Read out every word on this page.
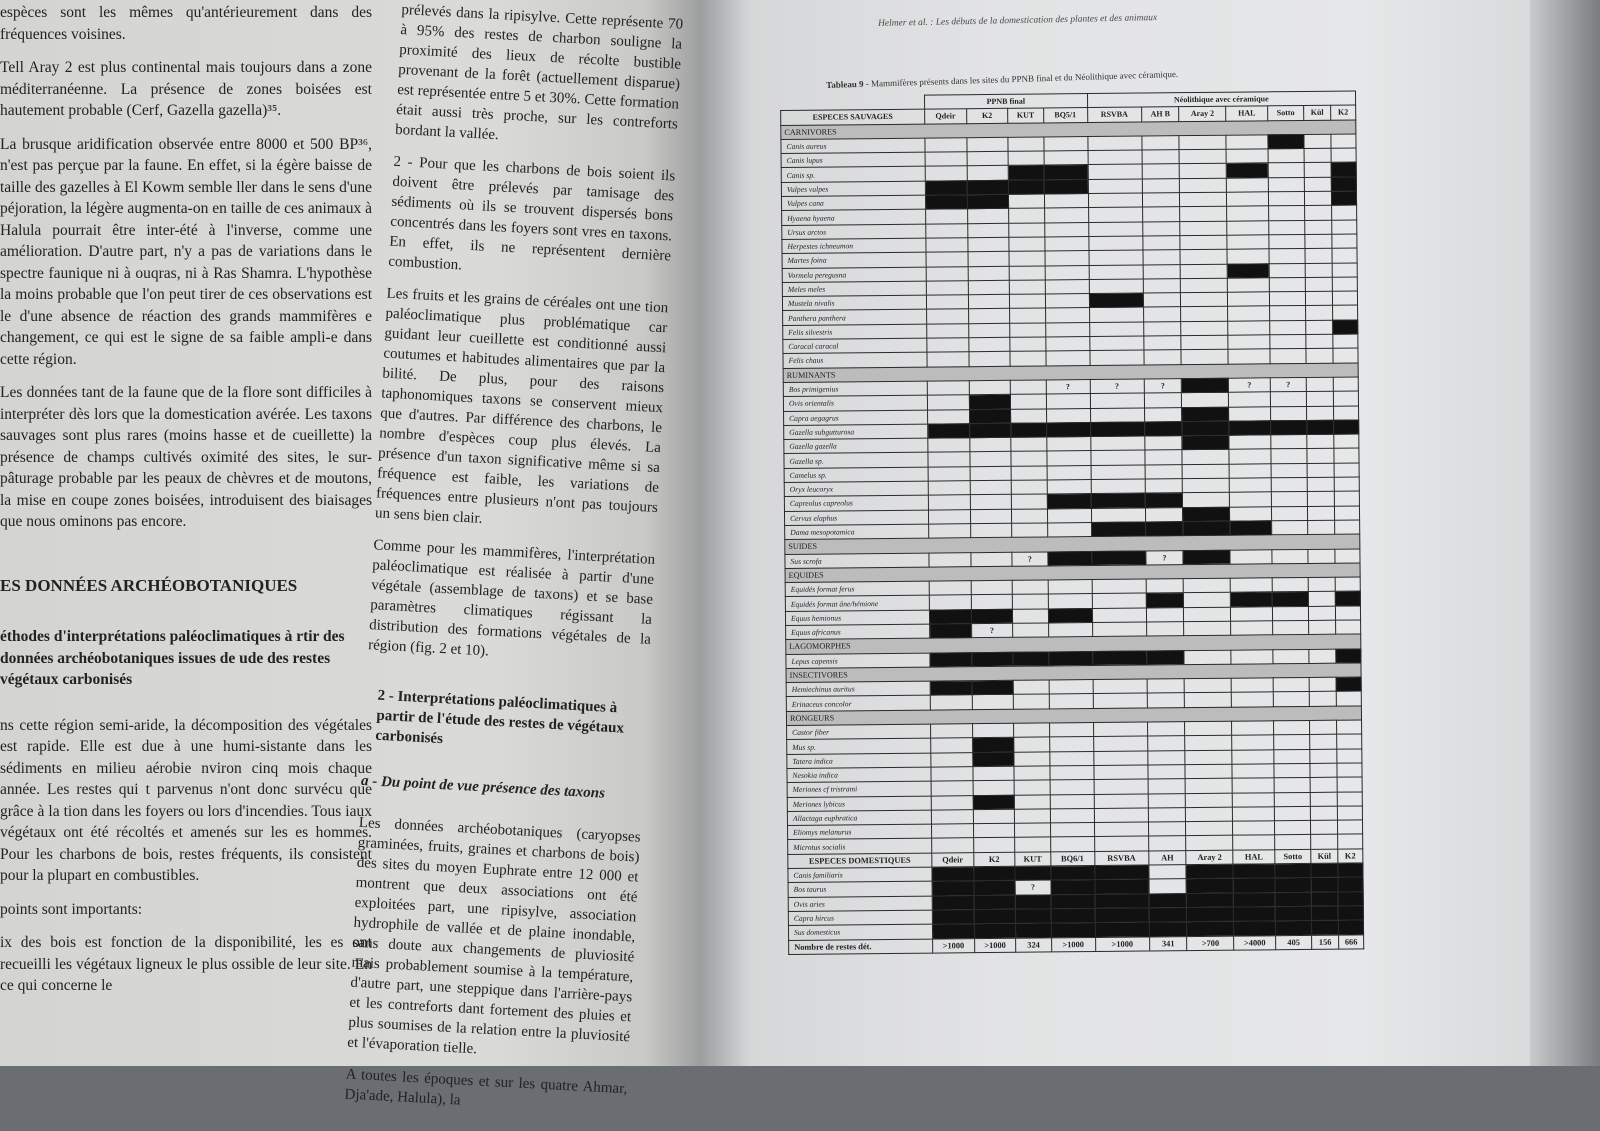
espèces sont les mêmes qu'antérieurement dans des fréquences voisines.

Tell Aray 2 est plus continental mais toujours dans a zone méditerranéenne. La présence de zones boisées est hautement probable (Cerf, Gazella gazella)³⁵.

La brusque aridification observée entre 8000 et 500 BP³⁶, n'est pas perçue par la faune. En effet, si la égère baisse de taille des gazelles à El Kowm semble ller dans le sens d'une péjoration, la légère augmenta-on en taille de ces animaux à Halula pourrait être inter-été à l'inverse, comme une amélioration. D'autre part, n'y a pas de variations dans le spectre faunique ni à ouqras, ni à Ras Shamra. L'hypothèse la moins probable que l'on peut tirer de ces observations est le d'une absence de réaction des grands mammifères e changement, ce qui est le signe de sa faible ampli-e dans cette région.

Les données tant de la faune que de la flore sont difficiles à interpréter dès lors que la domestication avérée. Les taxons sauvages sont plus rares (moins hasse et de cueillette) la présence de champs cultivés oximité des sites, le sur-pâturage probable par les peaux de chèvres et de moutons, la mise en coupe zones boisées, introduisent des biaisages que nous ominons pas encore.

ES DONNÉES ARCHÉOBOTANIQUES
éthodes d'interprétations paléoclimatiques à rtir des données archéobotaniques issues de ude des restes végétaux carbonisés

ns cette région semi-aride, la décomposition des végétales est rapide. Elle est due à une humi-sistante dans les sédiments en milieu aérobie nviron cinq mois chaque année. Les restes qui t parvenus n'ont donc survécu que grâce à la tion dans les foyers ou lors d'incendies. Tous iaux végétaux ont été récoltés et amenés sur les es hommes. Pour les charbons de bois, restes fréquents, ils consistent pour la plupart en combustibles.

points sont importants:

ix des bois est fonction de la disponibilité, les es ont recueilli les végétaux ligneux le plus ossible de leur site. En ce qui concerne le

prélevés dans la ripisylve. Cette représente 70 à 95% des restes de charbon souligne la proximité des lieux de récolte bustible provenant de la forêt (actuellement disparue) est représentée entre 5 et 30%. Cette formation était aussi très proche, sur les contreforts bordant la vallée.

2 - Pour que les charbons de bois soient ils doivent être prélevés par tamisage des sédiments où ils se trouvent dispersés bons concentrés dans les foyers sont vres en taxons. En effet, ils ne représentent dernière combustion.

Les fruits et les grains de céréales ont une tion paléoclimatique plus problématique car guidant leur cueillette est conditionné aussi coutumes et habitudes alimentaires que par la bilité. De plus, pour des raisons taphonomiques taxons se conservent mieux que d'autres. Par différence des charbons, le nombre d'espèces coup plus élevés. La présence d'un taxon significative même si sa fréquence est faible, les variations de fréquences entre plusieurs n'ont pas toujours un sens bien clair.

Comme pour les mammifères, l'interprétation paléoclimatique est réalisée à partir d'une végétale (assemblage de taxons) et se base paramètres climatiques régissant la distribution des formations végétales de la région (fig. 2 et 10).

2 - Interprétations paléoclimatiques à partir de l'étude des restes de végétaux carbonisés
a - Du point de vue présence des taxons

Les données archéobotaniques (caryopses graminées, fruits, graines et charbons de bois) des sites du moyen Euphrate entre 12 000 et montrent que deux associations ont été exploitées part, une ripisylve, association hydrophile de vallée et de plaine inondable, sans doute aux changements de pluviosité mais probablement soumise à la température, d'autre part, une steppique dans l'arrière-pays et les contreforts dant fortement des pluies et plus soumises de la relation entre la pluviosité et l'évaporation tielle.

A toutes les époques et sur les quatre Ahmar, Dja'ade, Halula), la

Helmer et al. : Les débuts de la domestication des plantes et des animaux
Tableau 9 - Mammifères présents dans les sites du PPNB final et du Néolithique avec céramique.
	PPNB final				Néolithique avec céramique						
ESPECES SAUVAGES	Qdeir	K2	KUT	BQ5/1	RSVBA	AH B	Aray 2	HAL	Sotto	Kül	K2
CARNIVORES											
Canis aureus											
Canis lupus											
Canis sp.											
Vulpes vulpes											
Vulpes cana											
Hyaena hyaena											
Ursus arctos											
Herpestes ichneumon											
Martes foina											
Vormela peregusna											
Meles meles											
Mustela nivalis											
Panthera panthera											
Felis silvestris											
Caracal caracal											
Felis chaus											
RUMINANTS											
Bos primigenius				?	?	?		?	?		
Ovis orientalis											
Capra aegagrus											
Gazella subgutturosa											
Gazella gazella											
Gazella sp.											
Camelus sp.											
Oryx leucoryx											
Capreolus capreolus											
Cervus elaphus											
Dama mesopotamica											
SUIDES											
Sus scrofa			?			?					
EQUIDES											
Equidés format ferus											
Equidés format âne/hémione											
Equus hemionus											
Equus africanus		?									
LAGOMORPHES											
Lepus capensis											
INSECTIVORES											
Hemiechinus auritus											
Erinaceus concolor											
RONGEURS											
Castor fiber											
Mus sp.											
Tatera indica											
Nesokia indica											
Meriones cf tristrami											
Meriones lybicus											
Allactaga euphratica											
Eliomys melanurus											
Microtus socialis											
ESPECES DOMESTIQUES	Qdeir	K2	KUT	BQ6/1	RSVBA	AH	Aray 2	HAL	Sotto	Kül	K2
Canis familiaris											
Bos taurus			?								
Ovis aries											
Capra hircus											
Sus domesticus											
Nombre de restes dét.	>1000	>1000	324	>1000	>1000	341	>700	>4000	405	156	666
